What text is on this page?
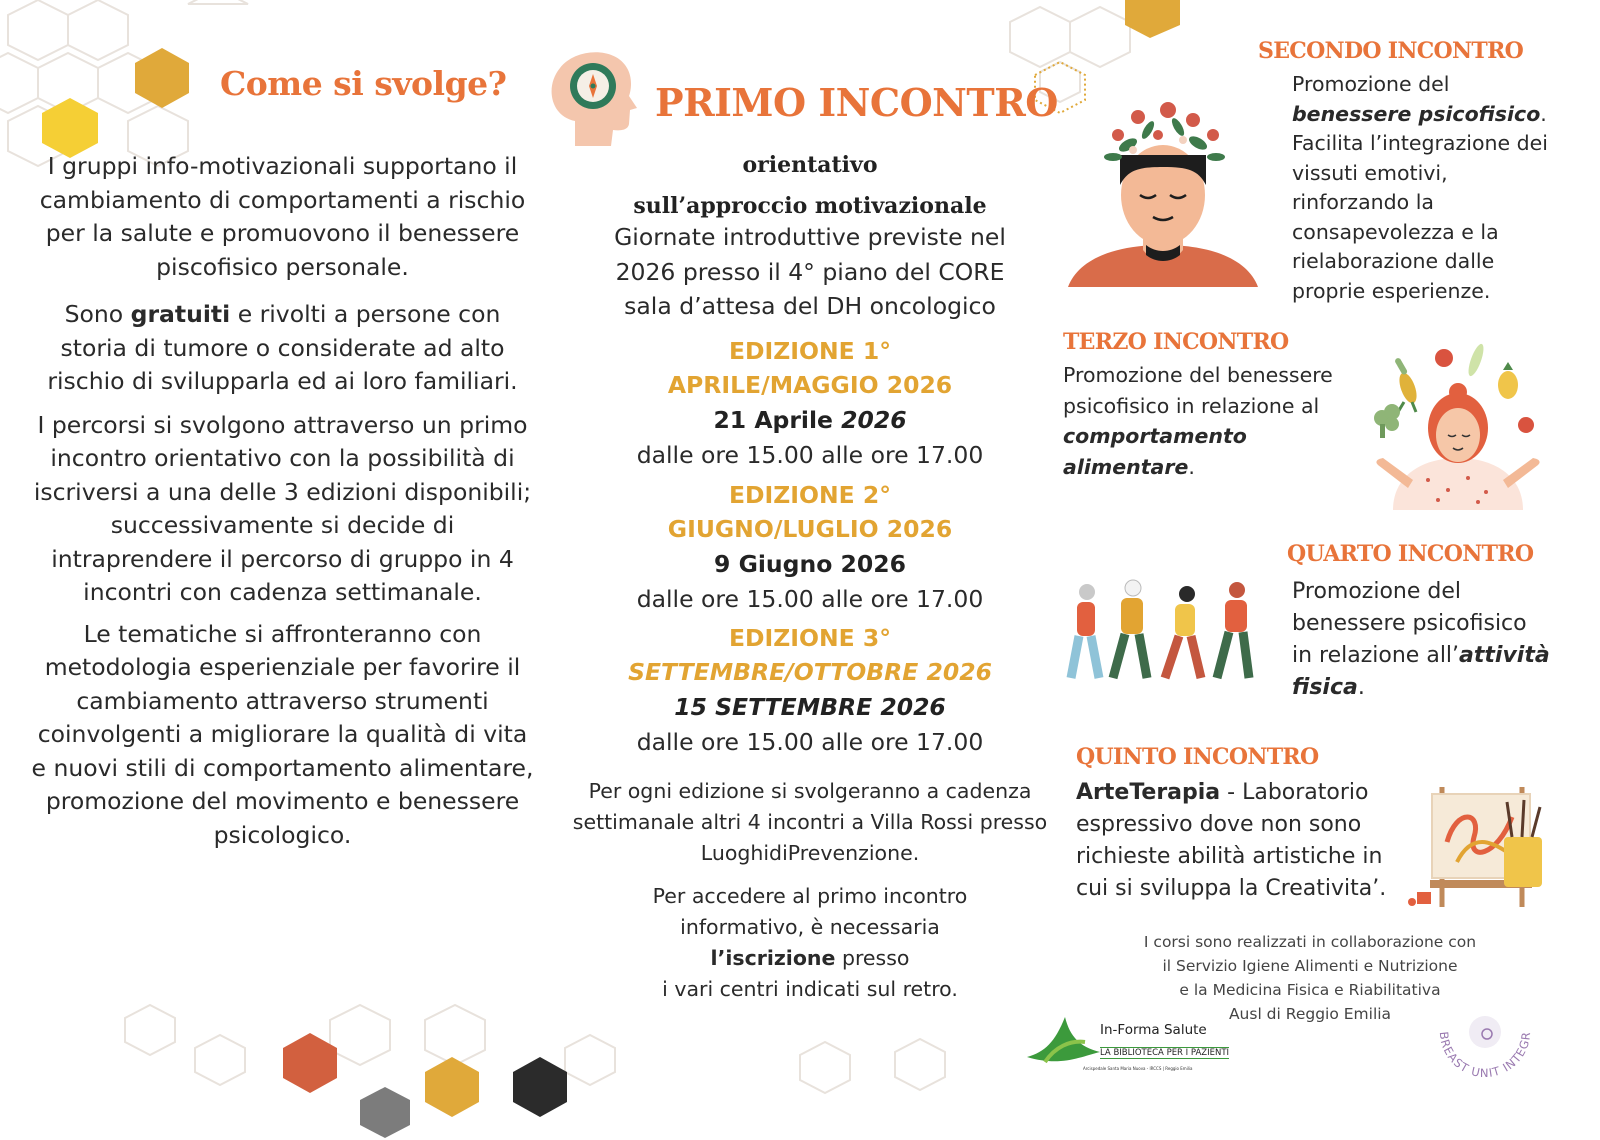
Come si svolge?

I gruppi info-motivazionali supportano il cambiamento di comportamenti a rischio per la salute e promuovono il benessere piscofisico personale.

Sono gratuiti e rivolti a persone con storia di tumore o considerate ad alto rischio di svilupparla ed ai loro familiari.

I percorsi si svolgono attraverso un primo incontro orientativo con la possibilità di iscriversi a una delle 3 edizioni disponibili; successivamente si decide di intraprendere il percorso di gruppo in 4 incontri con cadenza settimanale.

Le tematiche si affronteranno con metodologia esperienziale per favorire il cambiamento attraverso strumenti coinvolgenti a migliorare la qualità di vita e nuovi stili di comportamento alimentare, promozione del movimento e benessere psicologico.

PRIMO INCONTRO
orientativo
sull’approccio motivazionale
Giornate introduttive previste nel 2026 presso il 4° piano del CORE sala d’attesa del DH oncologico
EDIZIONE 1°
APRILE/MAGGIO 2026
21 Aprile 2026
dalle ore 15.00 alle ore 17.00
EDIZIONE 2°
GIUGNO/LUGLIO 2026
9 Giugno 2026
dalle ore 15.00 alle ore 17.00
EDIZIONE 3°
SETTEMBRE/OTTOBRE 2026
15 SETTEMBRE 2026
dalle ore 15.00 alle ore 17.00
Per ogni edizione si svolgeranno a cadenza settimanale altri 4 incontri a Villa Rossi presso LuoghidiPrevenzione.
Per accedere al primo incontro informativo, è necessaria
l’iscrizione presso
i vari centri indicati sul retro.
SECONDO INCONTRO
Promozione del benessere psicofisico. Facilita l’integrazione dei vissuti emotivi, rinforzando la consapevolezza e la rielaborazione dalle proprie esperienze.
TERZO INCONTRO
Promozione del benessere psicofisico in relazione al comportamento alimentare.
QUARTO INCONTRO
Promozione del benessere psicofisico in relazione all’attività fisica.
QUINTO INCONTRO
ArteTerapia - Laboratorio espressivo dove non sono richieste abilità artistiche in cui si sviluppa la Creativita’.
I corsi sono realizzati in collaborazione con
il Servizio Igiene Alimenti e Nutrizione
e la Medicina Fisica e Riabilitativa
Ausl di Reggio Emilia
In-Forma Salute
LA BIBLIOTECA PER I PAZIENTI
Arcispedale Santa Maria Nuova - IRCCS | Reggio Emilia
BREAST UNIT INTEGRATA
